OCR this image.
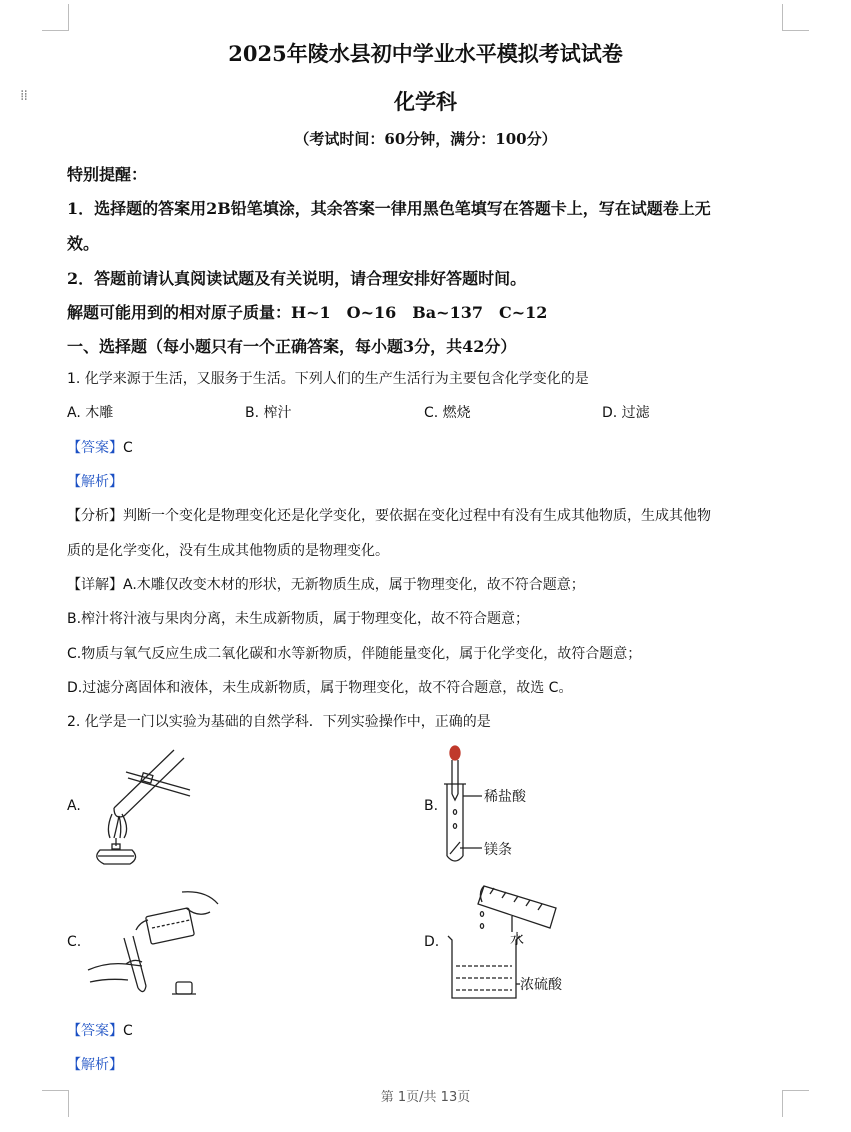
⁞⁞
2025年陵水县初中学业水平模拟考试试卷
化学科
（考试时间：60分钟，满分：100分）
特别提醒：
1．选择题的答案用2B铅笔填涂，其余答案一律用黑色笔填写在答题卡上，写在试题卷上无
效。
2．答题前请认真阅读试题及有关说明，请合理安排好答题时间。
解题可能用到的相对原子质量：H~1　O~16　Ba~137　C~12
一、选择题（每小题只有一个正确答案，每小题3分，共42分）
1. 化学来源于生活，又服务于生活。下列人们的生产生活行为主要包含化学变化的是
A. 木雕	B. 榨汁	C. 燃烧	D. 过滤
【答案】C
【解析】
【分析】判断一个变化是物理变化还是化学变化，要依据在变化过程中有没有生成其他物质，生成其他物
质的是化学变化，没有生成其他物质的是物理变化。
【详解】A.木雕仅改变木材的形状，无新物质生成，属于物理变化，故不符合题意；
B.榨汁将汁液与果肉分离，未生成新物质，属于物理变化，故不符合题意；
C.物质与氧气反应生成二氧化碳和水等新物质，伴随能量变化，属于化学变化，故符合题意；
D.过滤分离固体和液体，未生成新物质，属于物理变化，故不符合题意，故选 C。
2. 化学是一门以实验为基础的自然学科．下列实验操作中，正确的是
A.	B.
C.	D.
稀盐酸
镁条
水
浓硫酸
【答案】C
【解析】
第 1页/共 13页
